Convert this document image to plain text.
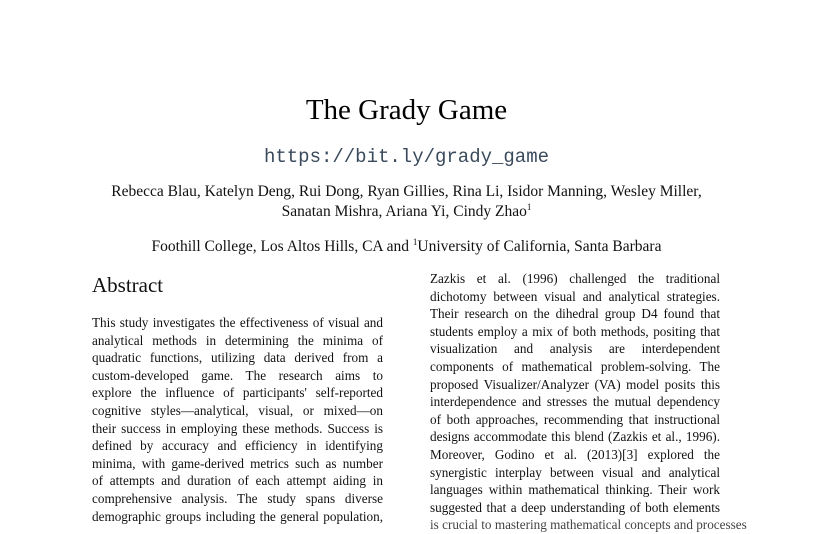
The Grady Game
https://bit.ly/grady_game
Rebecca Blau, Katelyn Deng, Rui Dong, Ryan Gillies, Rina Li, Isidor Manning, Wesley Miller,
Sanatan Mishra, Ariana Yi, Cindy Zhao$^1$
Foothill College, Los Altos Hills, CA and $^1$University of California, Santa Barbara
Abstract
This study investigates the effectiveness of visual and
analytical methods in determining the minima of
quadratic functions, utilizing data derived from a
custom-developed game. The research aims to
explore the influence of participants' self-reported
cognitive styles—analytical, visual, or mixed—on
their success in employing these methods. Success is
defined by accuracy and efficiency in identifying
minima, with game-derived metrics such as number
of attempts and duration of each attempt aiding in
comprehensive analysis. The study spans diverse
demographic groups including the general population,
Zazkis et al. (1996) challenged the traditional
dichotomy between visual and analytical strategies.
Their research on the dihedral group D4 found that
students employ a mix of both methods, positing that
visualization and analysis are interdependent
components of mathematical problem-solving. The
proposed Visualizer/Analyzer (VA) model posits this
interdependence and stresses the mutual dependency
of both approaches, recommending that instructional
designs accommodate this blend (Zazkis et al., 1996).
Moreover, Godino et al. (2013)[3] explored the
synergistic interplay between visual and analytical
languages within mathematical thinking. Their work
suggested that a deep understanding of both elements
is crucial to mastering mathematical concepts and processes
